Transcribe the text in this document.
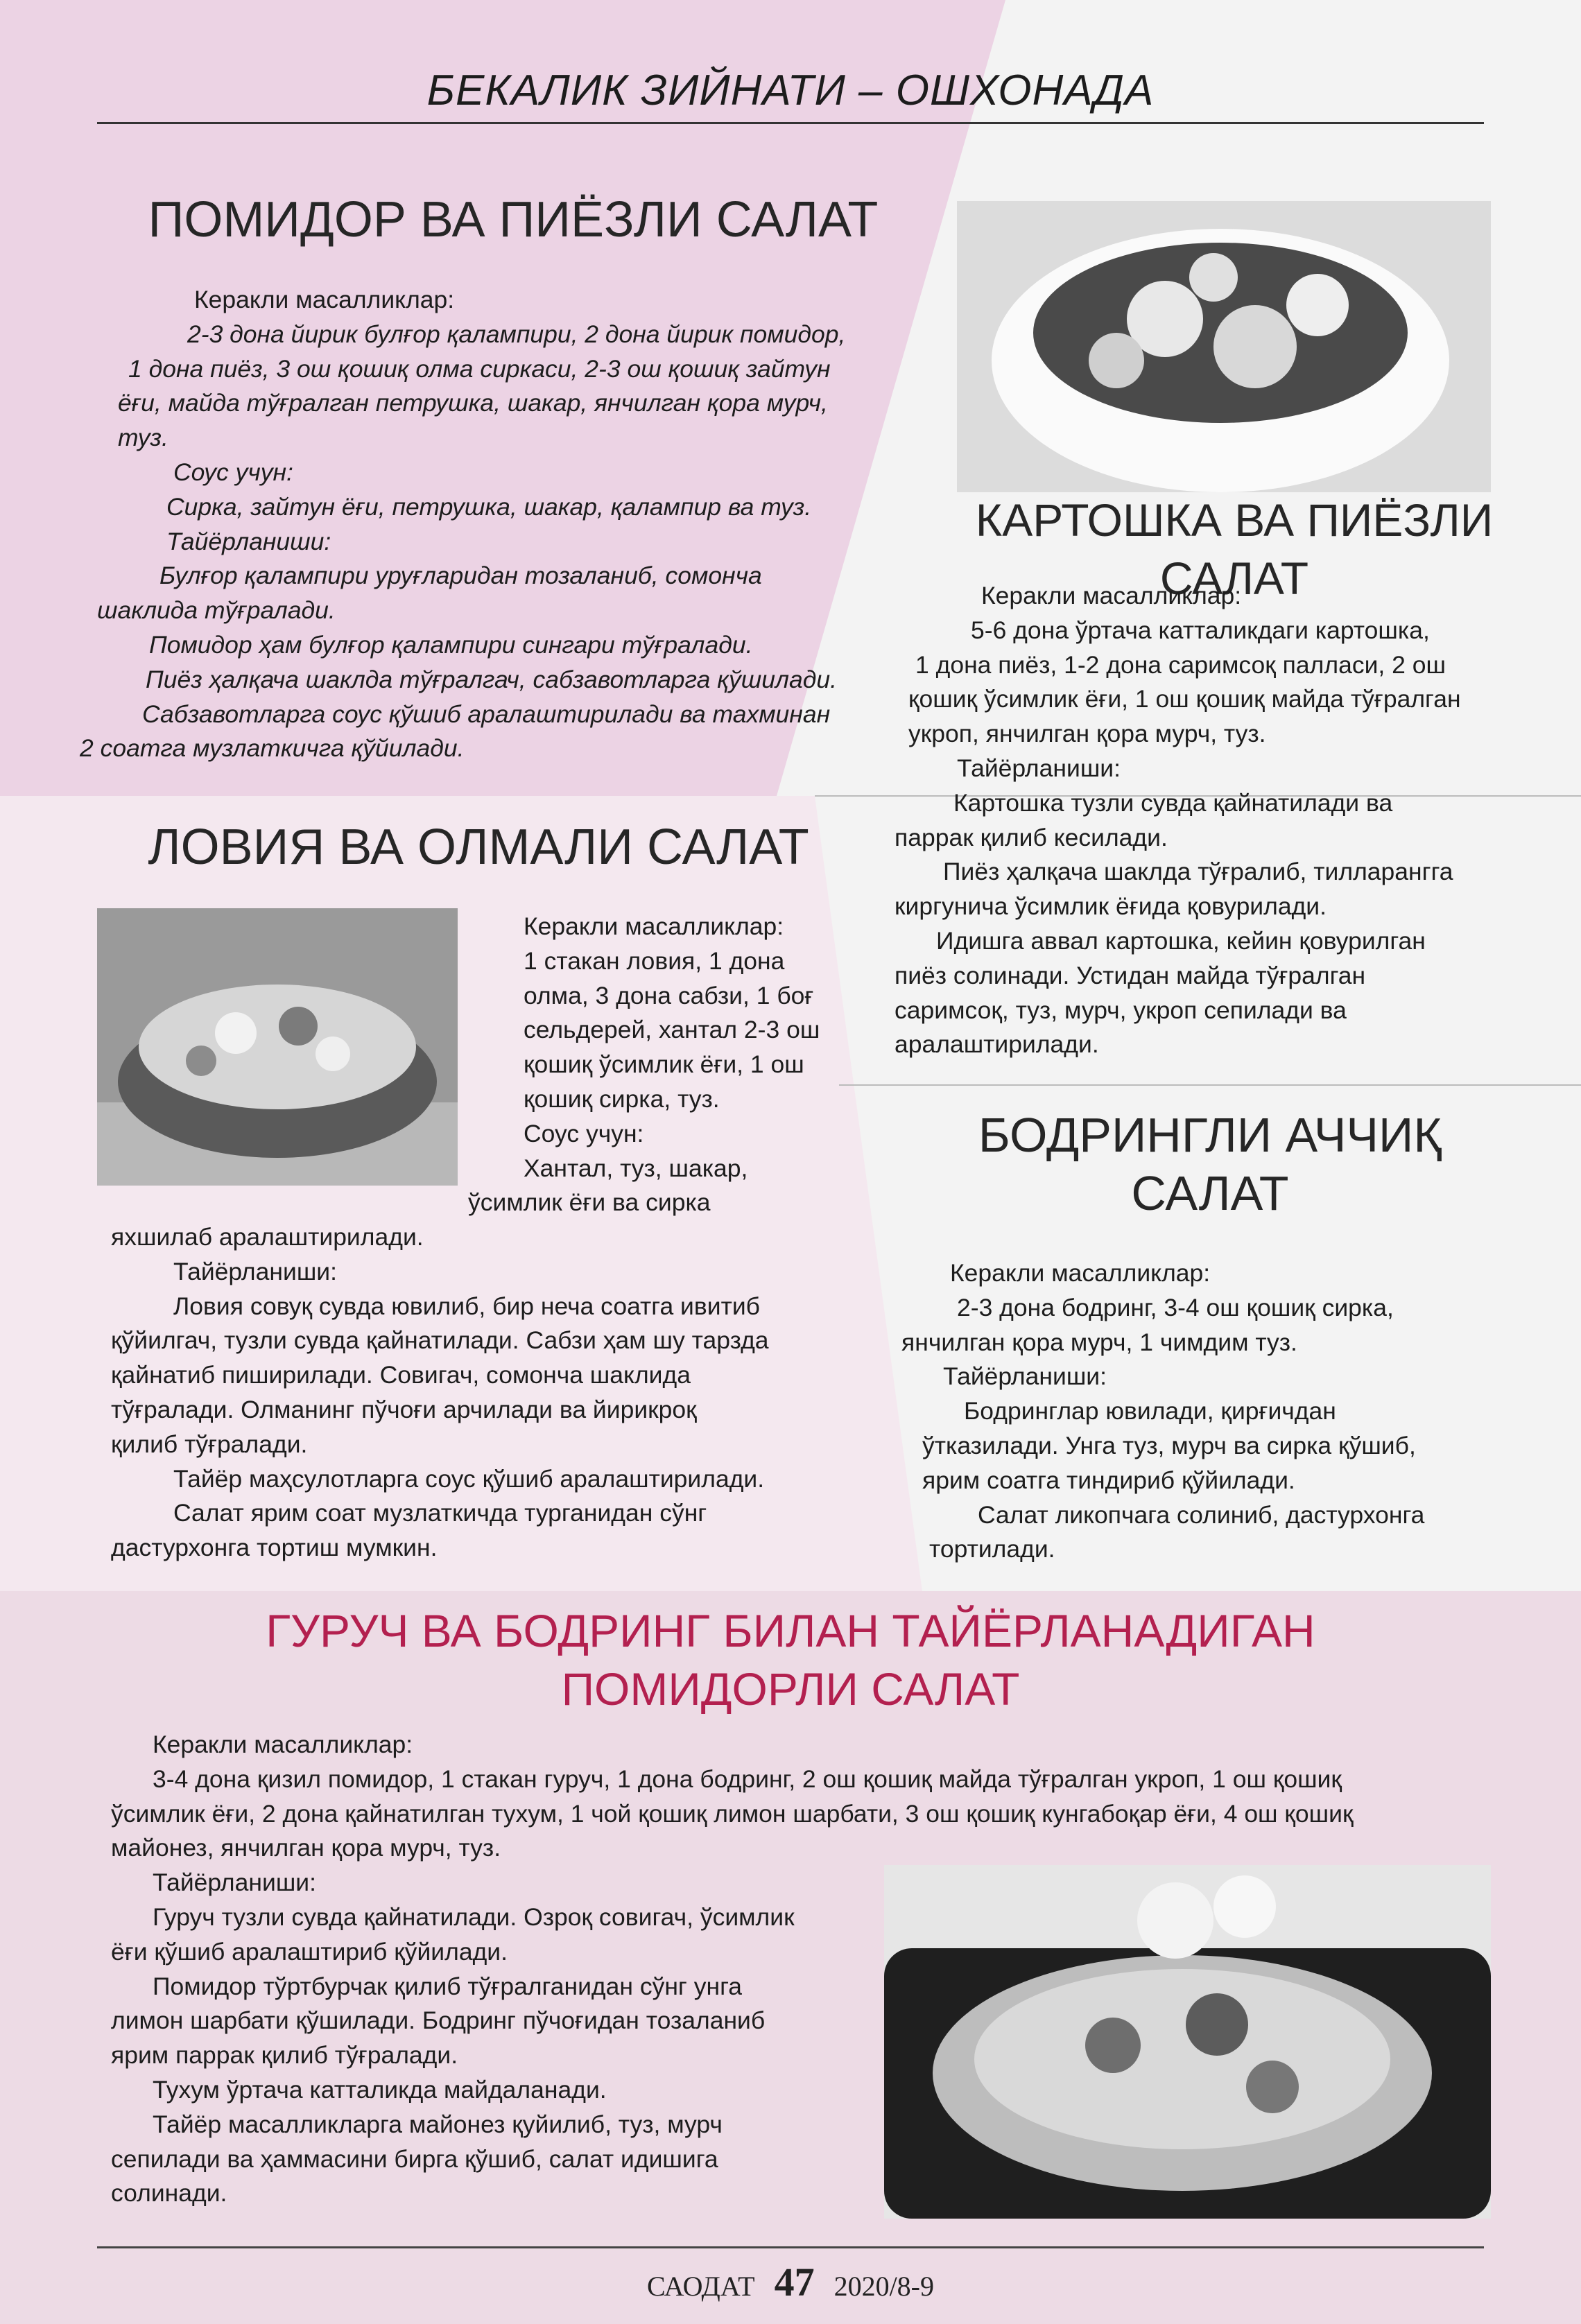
БЕКАЛИК ЗИЙНАТИ – ОШХОНАДА
ПОМИДОР ВА ПИЁЗЛИ САЛАТ

Керакли масалликлар:

2-3 дона йирик булғор қалампири, 2 дона йирик помидор,

1 дона пиёз, 3 ош қошиқ олма сиркаси, 2-3 ош қошиқ зайтун

ёғи, майда тўғралган петрушка, шакар, янчилган қора мурч,

туз.

Соус учун:

Сирка, зайтун ёғи, петрушка, шакар, қалампир ва туз.

Тайёрланиши:

Булғор қалампири уруғларидан тозаланиб, сомонча

шаклида тўғралади.

Помидор ҳам булғор қалампири сингари тўғралади.

Пиёз ҳалқача шаклда тўғралгач, сабзавотларга қўшилади.

Сабзавотларга соус қўшиб аралаштирилади ва тахминан

2 соатга музлаткичга қўйилади.

КАРТОШКА ВА ПИЁЗЛИ САЛАТ

Керакли масалликлар:

5-6 дона ўртача катталикдаги картошка,

1 дона пиёз, 1-2 дона саримсоқ палласи, 2 ош

қошиқ ўсимлик ёғи, 1 ош қошиқ майда тўғралган

укроп, янчилган қора мурч, туз.

Тайёрланиши:

Картошка тузли сувда қайнатилади ва

паррак қилиб кесилади.

Пиёз ҳалқача шаклда тўғралиб, тилларангга

киргунича ўсимлик ёғида қовурилади.

Идишга аввал картошка, кейин қовурилган

пиёз солинади. Устидан майда тўғралган

саримсоқ, туз, мурч, укроп сепилади ва

аралаштирилади.

ЛОВИЯ ВА ОЛМАЛИ САЛАТ

Керакли масалликлар:

1 стакан ловия, 1 дона

олма, 3 дона сабзи, 1 боғ

сельдерей, хантал 2-3 ош

қошиқ ўсимлик ёғи, 1 ош

қошиқ сирка, туз.

Соус учун:

Хантал, туз, шакар,

ўсимлик ёғи ва сирка

яхшилаб аралаштирилади.

Тайёрланиши:

Ловия совуқ сувда ювилиб, бир неча соатга ивитиб

қўйилгач, тузли сувда қайнатилади. Сабзи ҳам шу тарзда

қайнатиб пиширилади. Совигач, сомонча шаклида

тўғралади. Олманинг пўчоғи арчилади ва йирикроқ

қилиб тўғралади.

Тайёр маҳсулотларга соус қўшиб аралаштирилади.

Салат ярим соат музлаткичда турганидан сўнг

дастурхонга тортиш мумкин.

БОДРИНГЛИ АЧЧИҚ
САЛАТ

Керакли масалликлар:

2-3 дона бодринг, 3-4 ош қошиқ сирка,

янчилган қора мурч, 1 чимдим туз.

Тайёрланиши:

Бодринглар ювилади, қирғичдан

ўтказилади. Унга туз, мурч ва сирка қўшиб,

ярим соатга тиндириб қўйилади.

Салат ликопчага солиниб, дастурхонга

тортилади.

ГУРУЧ ВА БОДРИНГ БИЛАН ТАЙЁРЛАНАДИГАН
ПОМИДОРЛИ САЛАТ

Керакли масалликлар:

3-4 дона қизил помидор, 1 стакан гуруч, 1 дона бодринг, 2 ош қошиқ майда тўғралган укроп, 1 ош қошиқ

ўсимлик ёғи, 2 дона қайнатилган тухум, 1 чой қошиқ лимон шарбати, 3 ош қошиқ кунгабоқар ёғи, 4 ош қошиқ

майонез, янчилган қора мурч, туз.

Тайёрланиши:

Гуруч тузли сувда қайнатилади. Озроқ совигач, ўсимлик

ёғи қўшиб аралаштириб қўйилади.

Помидор тўртбурчак қилиб тўғралганидан сўнг унга

лимон шарбати қўшилади. Бодринг пўчоғидан тозаланиб

ярим паррак қилиб тўғралади.

Тухум ўртача катталикда майдаланади.

Тайёр масалликларга майонез қуйилиб, туз, мурч

сепилади ва ҳаммасини бирга қўшиб, салат идишига

солинади.

САОДАТ 47 2020/8-9
